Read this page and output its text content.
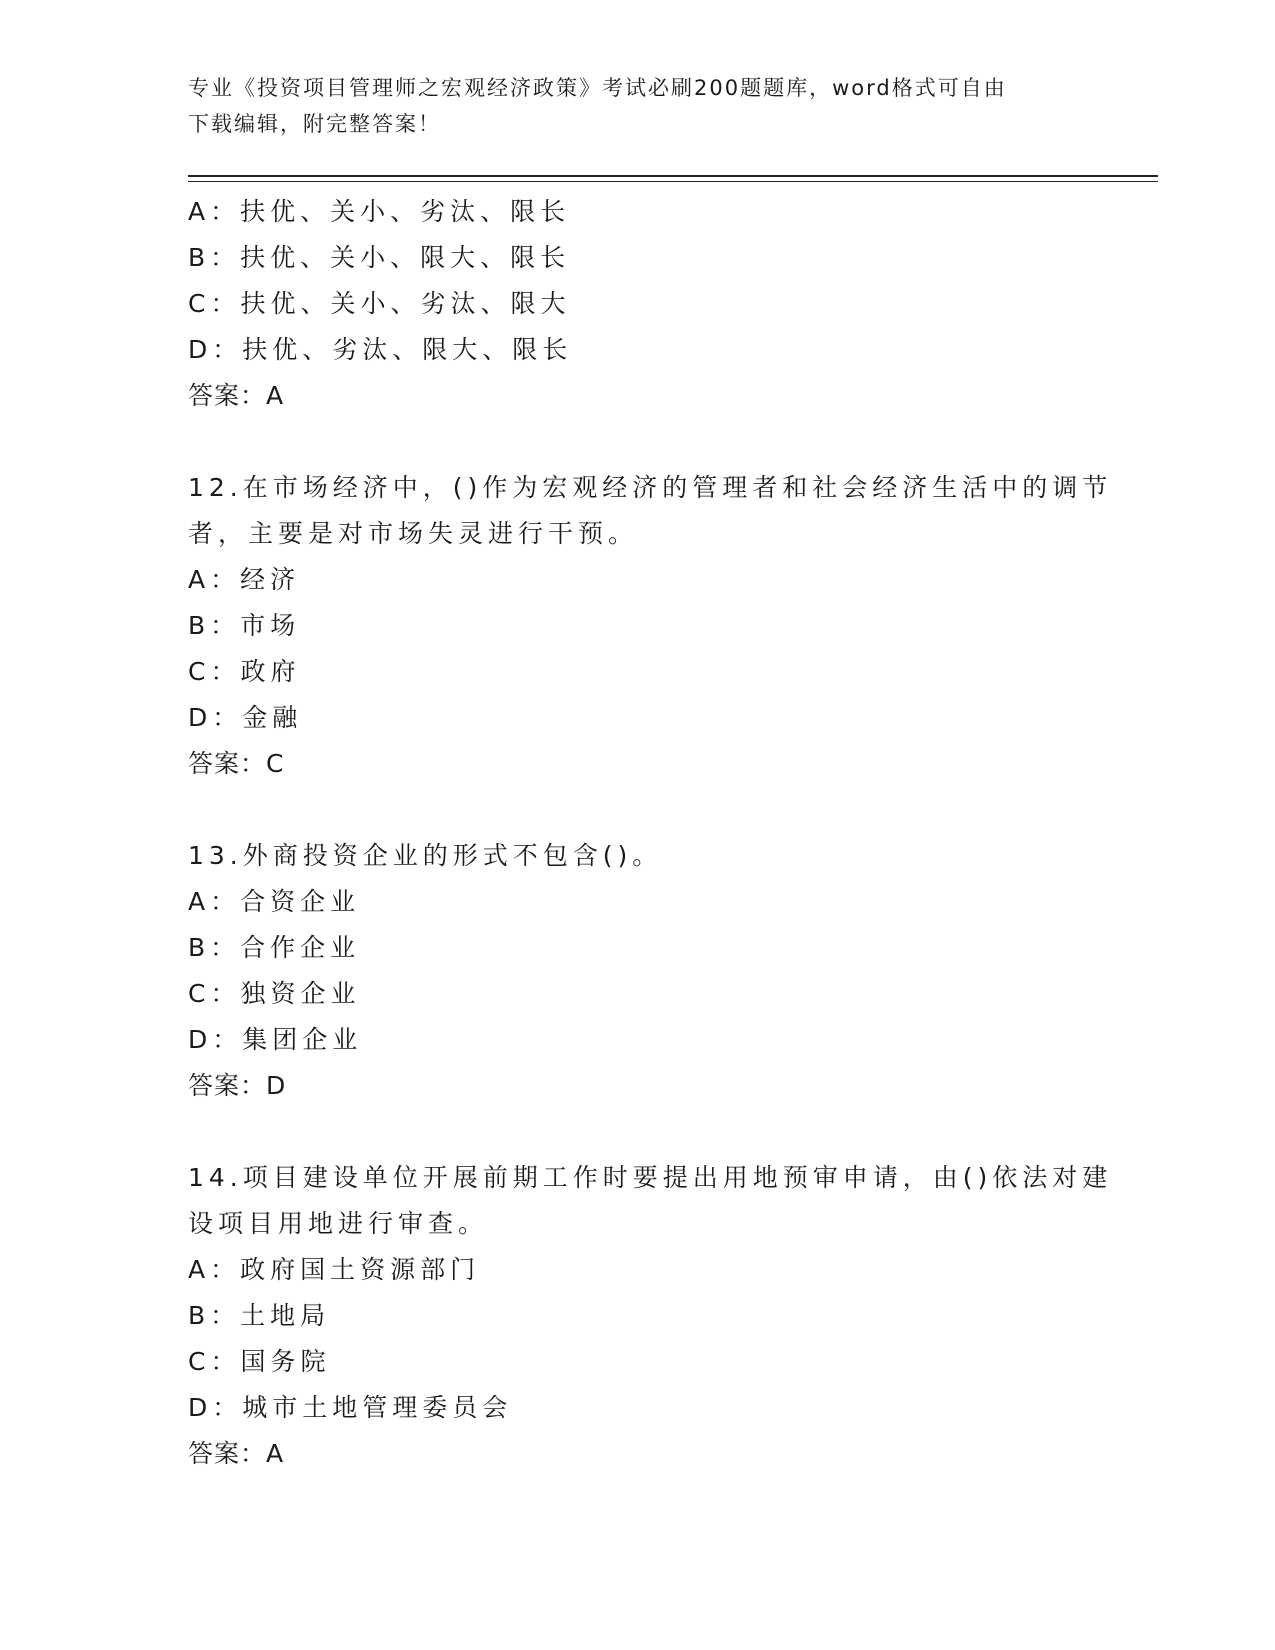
专业《投资项目管理师之宏观经济政策》考试必刷200题题库，word格式可自由
下载编辑，附完整答案！
A：扶优、关小、劣汰、限长
B：扶优、关小、限大、限长
C：扶优、关小、劣汰、限大
D：扶优、劣汰、限大、限长
答案：A
12.在市场经济中，()作为宏观经济的管理者和社会经济生活中的调节
者，主要是对市场失灵进行干预。
A：经济
B：市场
C：政府
D：金融
答案：C
13.外商投资企业的形式不包含()。
A：合资企业
B：合作企业
C：独资企业
D：集团企业
答案：D
14.项目建设单位开展前期工作时要提出用地预审申请，由()依法对建
设项目用地进行审查。
A：政府国土资源部门
B：土地局
C：国务院
D：城市土地管理委员会
答案：A
